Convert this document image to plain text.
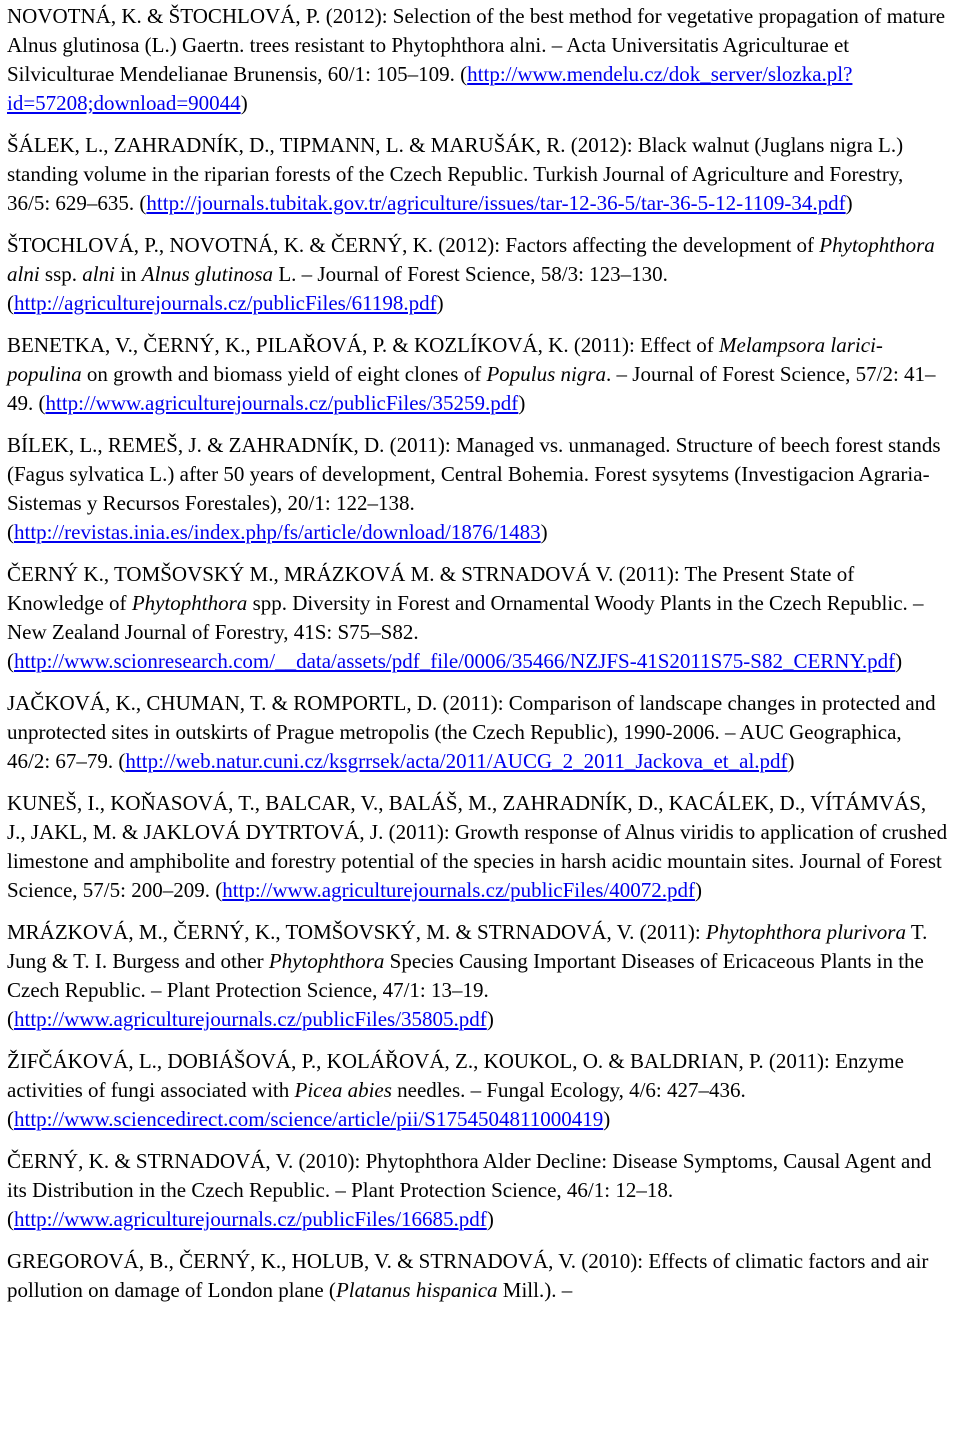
NOVOTNÁ, K. & ŠTOCHLOVÁ, P. (2012): Selection of the best method for vegetative propagation of mature Alnus glutinosa (L.) Gaertn. trees resistant to Phytophthora alni. – Acta Universitatis Agriculturae et Silviculturae Mendelianae Brunensis, 60/1: 105–109. (http://www.mendelu.cz/dok_server/slozka.pl?id=57208;download=90044)

ŠÁLEK, L., ZAHRADNÍK, D., TIPMANN, L. & MARUŠÁK, R. (2012): Black walnut (Juglans nigra L.) standing volume in the riparian forests of the Czech Republic. Turkish Journal of Agriculture and Forestry, 36/5: 629–635. (http://journals.tubitak.gov.tr/agriculture/issues/tar-12-36-5/tar-36-5-12-1109-34.pdf)

ŠTOCHLOVÁ, P., NOVOTNÁ, K. & ČERNÝ, K. (2012): Factors affecting the development of Phytophthora alni ssp. alni in Alnus glutinosa L. – Journal of Forest Science, 58/3: 123–130. (http://agriculturejournals.cz/publicFiles/61198.pdf)

BENETKA, V., ČERNÝ, K., PILAŘOVÁ, P. & KOZLÍKOVÁ, K. (2011): Effect of Melampsora larici-populina on growth and biomass yield of eight clones of Populus nigra. – Journal of Forest Science, 57/2: 41–49. (http://www.agriculturejournals.cz/publicFiles/35259.pdf)

BÍLEK, L., REMEŠ, J. & ZAHRADNÍK, D. (2011): Managed vs. unmanaged. Structure of beech forest stands (Fagus sylvatica L.) after 50 years of development, Central Bohemia. Forest sysytems (Investigacion Agraria-Sistemas y Recursos Forestales), 20/1: 122–138. (http://revistas.inia.es/index.php/fs/article/download/1876/1483)

ČERNÝ K., TOMŠOVSKÝ M., MRÁZKOVÁ M. & STRNADOVÁ V. (2011): The Present State of Knowledge of Phytophthora spp. Diversity in Forest and Ornamental Woody Plants in the Czech Republic. – New Zealand Journal of Forestry, 41S: S75–S82. (http://www.scionresearch.com/__data/assets/pdf_file/0006/35466/NZJFS-41S2011S75-S82_CERNY.pdf)

JAČKOVÁ, K., CHUMAN, T. & ROMPORTL, D. (2011): Comparison of landscape changes in protected and unprotected sites in outskirts of Prague metropolis (the Czech Republic), 1990-2006. – AUC Geographica, 46/2: 67–79. (http://web.natur.cuni.cz/ksgrrsek/acta/2011/AUCG_2_2011_Jackova_et_al.pdf)

KUNEŠ, I., KOŇASOVÁ, T., BALCAR, V., BALÁŠ, M., ZAHRADNÍK, D., KACÁLEK, D., VÍTÁMVÁS, J., JAKL, M. & JAKLOVÁ DYTRTOVÁ, J. (2011): Growth response of Alnus viridis to application of crushed limestone and amphibolite and forestry potential of the species in harsh acidic mountain sites. Journal of Forest Science, 57/5: 200–209. (http://www.agriculturejournals.cz/publicFiles/40072.pdf)

MRÁZKOVÁ, M., ČERNÝ, K., TOMŠOVSKÝ, M. & STRNADOVÁ, V. (2011): Phytophthora plurivora T. Jung & T. I. Burgess and other Phytophthora Species Causing Important Diseases of Ericaceous Plants in the Czech Republic. – Plant Protection Science, 47/1: 13–19. (http://www.agriculturejournals.cz/publicFiles/35805.pdf)

ŽIFČÁKOVÁ, L., DOBIÁŠOVÁ, P., KOLÁŘOVÁ, Z., KOUKOL, O. & BALDRIAN, P. (2011): Enzyme activities of fungi associated with Picea abies needles. – Fungal Ecology, 4/6: 427–436. (http://www.sciencedirect.com/science/article/pii/S1754504811000419)

ČERNÝ, K. & STRNADOVÁ, V. (2010): Phytophthora Alder Decline: Disease Symptoms, Causal Agent and its Distribution in the Czech Republic. – Plant Protection Science, 46/1: 12–18. (http://www.agriculturejournals.cz/publicFiles/16685.pdf)

GREGOROVÁ, B., ČERNÝ, K., HOLUB, V. & STRNADOVÁ, V. (2010): Effects of climatic factors and air pollution on damage of London plane (Platanus hispanica Mill.). –
